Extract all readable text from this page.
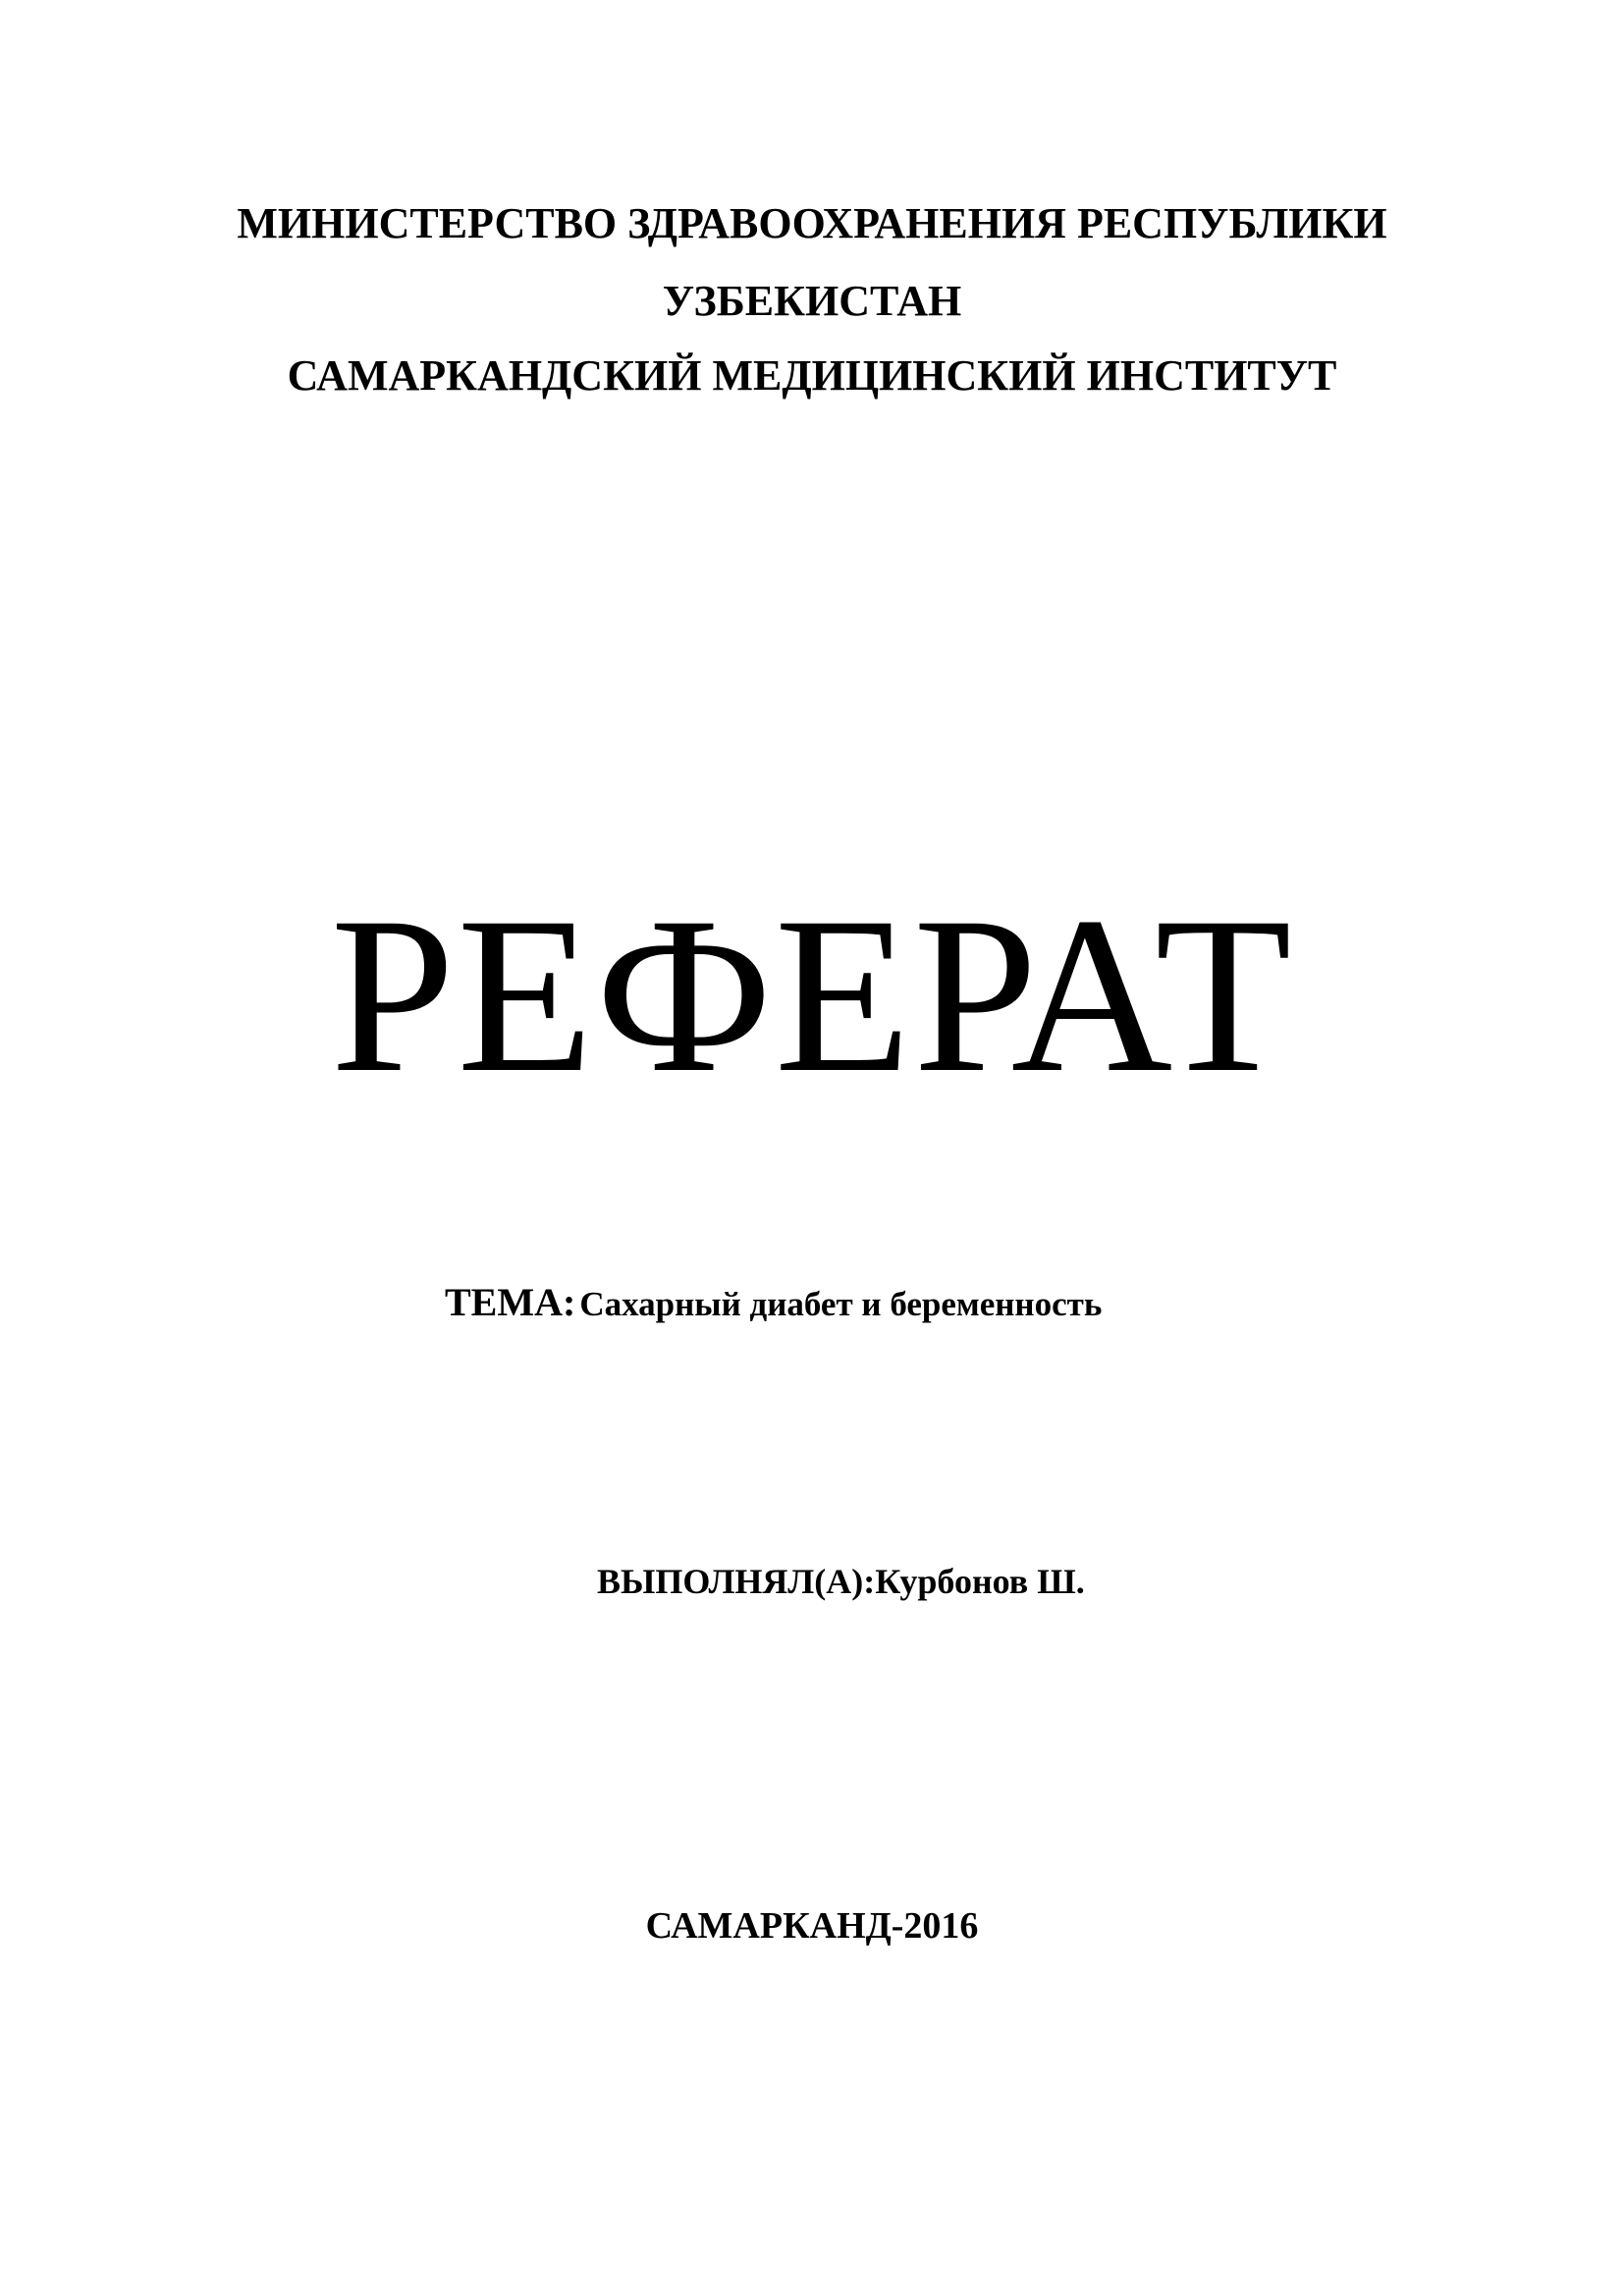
МИНИСТЕРСТВО ЗДРАВООХРАНЕНИЯ РЕСПУБЛИКИ
УЗБЕКИСТАН
САМАРКАНДСКИЙ МЕДИЦИНСКИЙ ИНСТИТУТ
РЕФЕРАТ
ТЕМА: Сахарный диабет и беременность
ВЫПОЛНЯЛ(А):Курбонов Ш.
САМАРКАНД-2016
